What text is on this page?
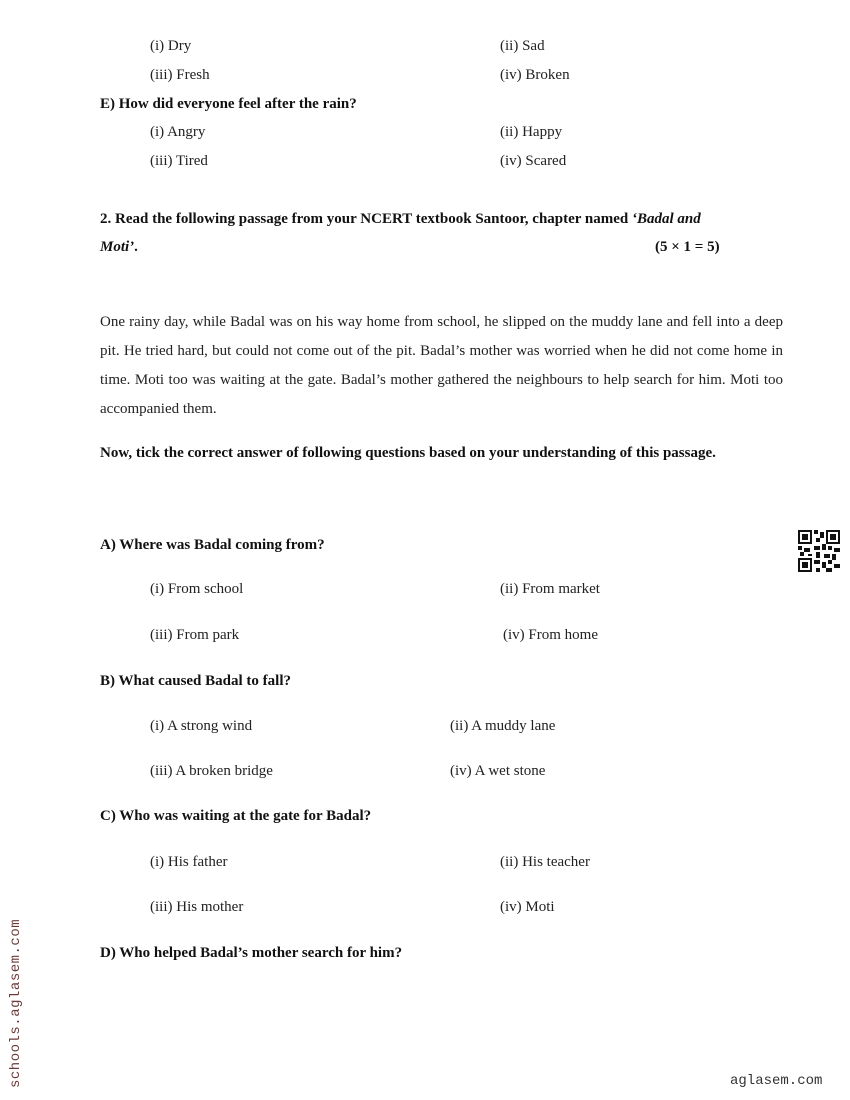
(i) Dry	(ii) Sad
(iii) Fresh	(iv) Broken
E) How did everyone feel after the rain?
(i) Angry	(ii) Happy
(iii) Tired	(iv) Scared
2. Read the following passage from your NCERT textbook Santoor, chapter named ‘Badal and
Moti’.	(5 × 1 = 5)
One rainy day, while Badal was on his way home from school, he slipped on the muddy lane and fell into a deep pit. He tried hard, but could not come out of the pit. Badal’s mother was worried when he did not come home in time. Moti too was waiting at the gate. Badal’s mother gathered the neighbours to help search for him. Moti too accompanied them.
Now, tick the correct answer of following questions based on your understanding of this passage.
A) Where was Badal coming from?
(i) From school	(ii) From market
(iii) From park	(iv) From home
B) What caused Badal to fall?
(i) A strong wind	(ii) A muddy lane
(iii) A broken bridge	(iv) A wet stone
C) Who was waiting at the gate for Badal?
(i) His father	(ii) His teacher
(iii) His mother	(iv) Moti
D) Who helped Badal’s mother search for him?
schools.aglasem.com	aglasem.com
